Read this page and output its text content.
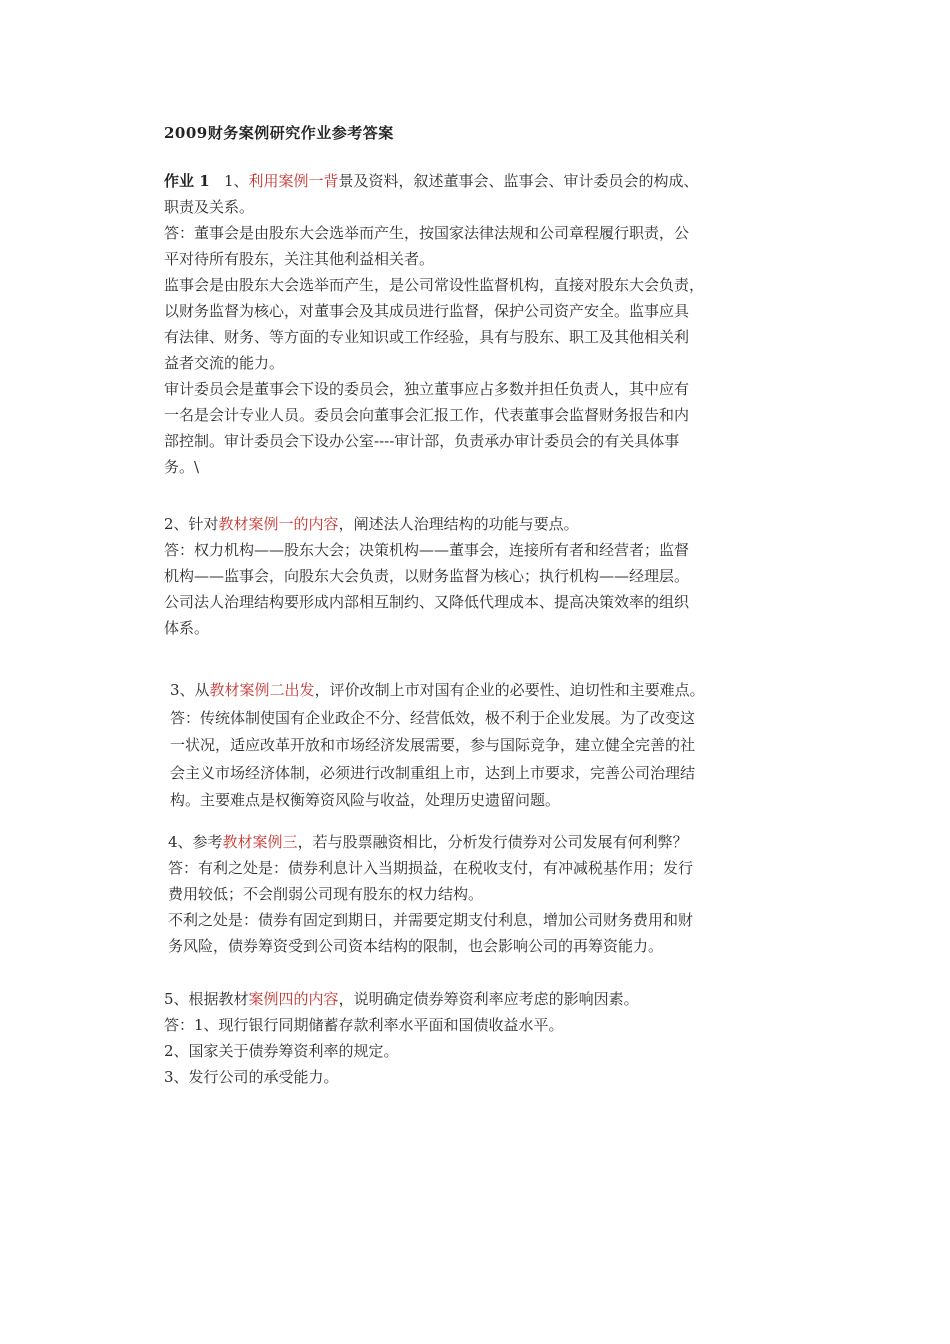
2009财务案例研究作业参考答案

作业 1 1、利用案例一背景及资料，叙述董事会、监事会、审计委员会的构成、

职责及关系。

答：董事会是由股东大会选举而产生，按国家法律法规和公司章程履行职责，公

平对待所有股东，关注其他利益相关者。

监事会是由股东大会选举而产生，是公司常设性监督机构，直接对股东大会负责，

以财务监督为核心，对董事会及其成员进行监督，保护公司资产安全。监事应具

有法律、财务、等方面的专业知识或工作经验，具有与股东、职工及其他相关利

益者交流的能力。

审计委员会是董事会下设的委员会，独立董事应占多数并担任负责人，其中应有

一名是会计专业人员。委员会向董事会汇报工作，代表董事会监督财务报告和内

部控制。审计委员会下设办公室----审计部，负责承办审计委员会的有关具体事

务。\

2、针对教材案例一的内容，阐述法人治理结构的功能与要点。

答：权力机构——股东大会；决策机构——董事会，连接所有者和经营者；监督

机构——监事会，向股东大会负责，以财务监督为核心；执行机构——经理层。

公司法人治理结构要形成内部相互制约、又降低代理成本、提高决策效率的组织

体系。

3、从教材案例二出发，评价改制上市对国有企业的必要性、迫切性和主要难点。

答：传统体制使国有企业政企不分、经营低效，极不利于企业发展。为了改变这

一状况，适应改革开放和市场经济发展需要，参与国际竞争，建立健全完善的社

会主义市场经济体制，必须进行改制重组上市，达到上市要求，完善公司治理结

构。主要难点是权衡筹资风险与收益，处理历史遗留问题。

4、参考教材案例三，若与股票融资相比，分析发行债券对公司发展有何利弊？

答：有利之处是：债券利息计入当期损益，在税收支付，有冲减税基作用；发行

费用较低；不会削弱公司现有股东的权力结构。

不利之处是：债券有固定到期日，并需要定期支付利息，增加公司财务费用和财

务风险，债券筹资受到公司资本结构的限制，也会影响公司的再筹资能力。

5、根据教材案例四的内容，说明确定债券筹资利率应考虑的影响因素。

答：1、现行银行同期储蓄存款利率水平面和国债收益水平。

2、国家关于债券筹资利率的规定。

3、发行公司的承受能力。
